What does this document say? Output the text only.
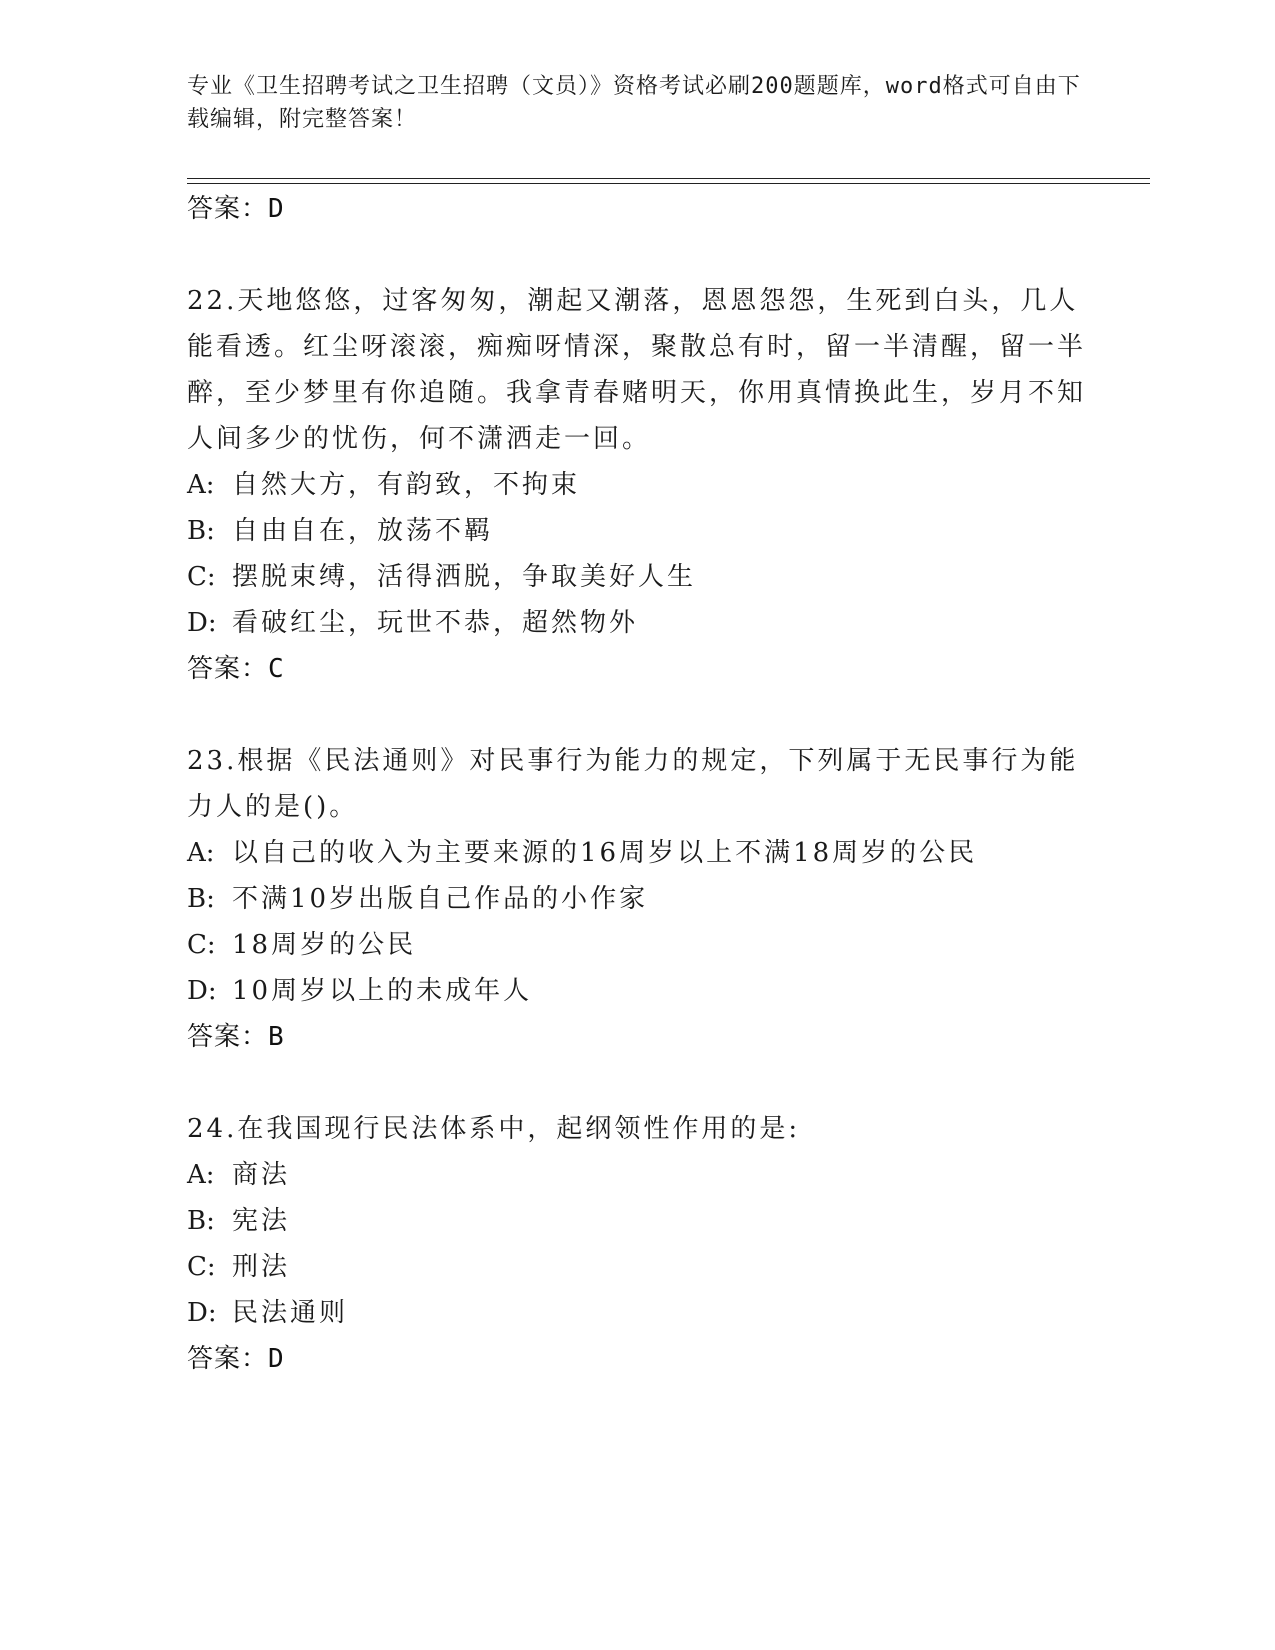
专业《卫生招聘考试之卫生招聘（文员）》资格考试必刷200题题库，word格式可自由下载编辑，附完整答案！

答案：D

22.天地悠悠，过客匆匆，潮起又潮落，恩恩怨怨，生死到白头，几人能看透。红尘呀滚滚，痴痴呀情深，聚散总有时，留一半清醒，留一半醉，至少梦里有你追随。我拿青春赌明天，你用真情换此生，岁月不知人间多少的忧伤，何不潇洒走一回。

A: 自然大方，有韵致，不拘束

B: 自由自在，放荡不羁

C: 摆脱束缚，活得洒脱，争取美好人生

D: 看破红尘，玩世不恭，超然物外

答案：C

23.根据《民法通则》对民事行为能力的规定，下列属于无民事行为能力人的是()。

A: 以自己的收入为主要来源的16周岁以上不满18周岁的公民

B: 不满10岁出版自己作品的小作家

C: 18周岁的公民

D: 10周岁以上的未成年人

答案：B

24.在我国现行民法体系中，起纲领性作用的是:

A: 商法

B: 宪法

C: 刑法

D: 民法通则

答案：D
